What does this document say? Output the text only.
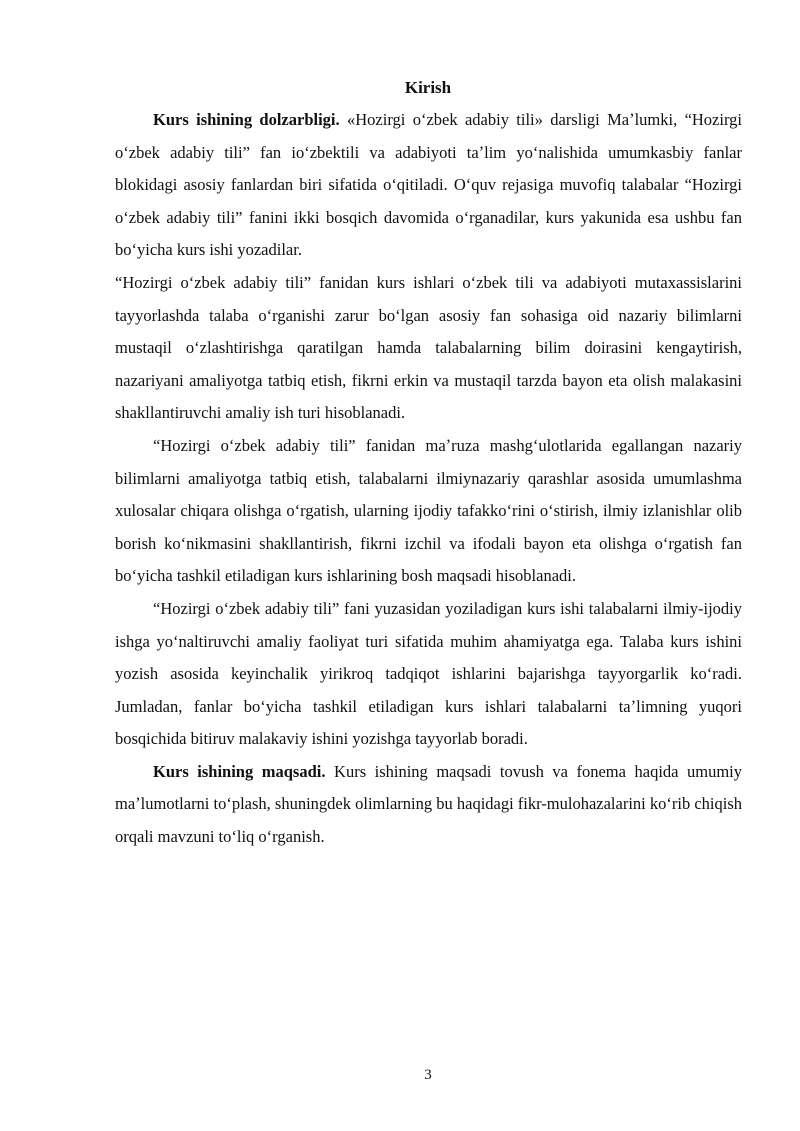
Kirish

Kurs ishining dolzarbligi. «Hozirgi oʻzbek adabiy tili» darsligi Maʼlumki, “Hozirgi oʻzbek adabiy tili” fan ioʻzbektili va adabiyoti taʼlim yoʻnalishida umumkasbiy fanlar blokidagi asosiy fanlardan biri sifatida oʻqitiladi. Oʻquv rejasiga muvofiq talabalar “Hozirgi oʻzbek adabiy tili” fanini ikki bosqich davomida oʻrganadilar, kurs yakunida esa ushbu fan boʻyicha kurs ishi yozadilar.

“Hozirgi oʻzbek adabiy tili” fanidan kurs ishlari oʻzbek tili va adabiyoti mutaxassislarini tayyorlashda talaba oʻrganishi zarur boʻlgan asosiy fan sohasiga oid nazariy bilimlarni mustaqil oʻzlashtirishga qaratilgan hamda talabalarning bilim doirasini kengaytirish, nazariyani amaliyotga tatbiq etish, fikrni erkin va mustaqil tarzda bayon eta olish malakasini shakllantiruvchi amaliy ish turi hisoblanadi.

“Hozirgi oʻzbek adabiy tili” fanidan maʼruza mashgʻulotlarida egallangan nazariy bilimlarni amaliyotga tatbiq etish, talabalarni ilmiynazariy qarashlar asosida umumlashma xulosalar chiqara olishga oʻrgatish, ularning ijodiy tafakkoʻrini oʻstirish, ilmiy izlanishlar olib borish koʻnikmasini shakllantirish, fikrni izchil va ifodali bayon eta olishga oʻrgatish fan boʻyicha tashkil etiladigan kurs ishlarining bosh maqsadi hisoblanadi.

“Hozirgi oʻzbek adabiy tili” fani yuzasidan yoziladigan kurs ishi talabalarni ilmiy-ijodiy ishga yoʻnaltiruvchi amaliy faoliyat turi sifatida muhim ahamiyatga ega. Talaba kurs ishini yozish asosida keyinchalik yirikroq tadqiqot ishlarini bajarishga tayyorgarlik koʻradi. Jumladan, fanlar boʻyicha tashkil etiladigan kurs ishlari talabalarni taʼlimning yuqori bosqichida bitiruv malakaviy ishini yozishga tayyorlab boradi.

Kurs ishining maqsadi. Kurs ishining maqsadi tovush va fonema haqida umumiy maʼlumotlarni toʻplash, shuningdek olimlarning bu haqidagi fikr-mulohazalarini koʻrib chiqish orqali mavzuni toʻliq oʻrganish.

3
